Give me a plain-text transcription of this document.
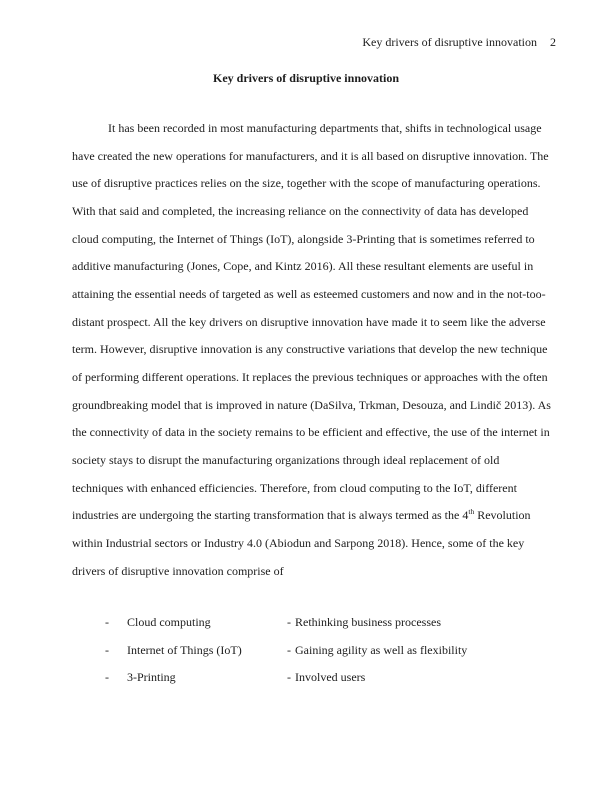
Key drivers of disruptive innovation 2
Key drivers of disruptive innovation

It has been recorded in most manufacturing departments that, shifts in technological usage have created the new operations for manufacturers, and it is all based on disruptive innovation. The use of disruptive practices relies on the size, together with the scope of manufacturing operations. With that said and completed, the increasing reliance on the connectivity of data has developed cloud computing, the Internet of Things (IoT), alongside 3-Printing that is sometimes referred to additive manufacturing (Jones, Cope, and Kintz 2016). All these resultant elements are useful in attaining the essential needs of targeted as well as esteemed customers and now and in the not-too-distant prospect. All the key drivers on disruptive innovation have made it to seem like the adverse term. However, disruptive innovation is any constructive variations that develop the new technique of performing different operations. It replaces the previous techniques or approaches with the often groundbreaking model that is improved in nature (DaSilva, Trkman, Desouza, and Lindič 2013). As the connectivity of data in the society remains to be efficient and effective, the use of the internet in society stays to disrupt the manufacturing organizations through ideal replacement of old techniques with enhanced efficiencies. Therefore, from cloud computing to the IoT, different industries are undergoing the starting transformation that is always termed as the 4th Revolution within Industrial sectors or Industry 4.0 (Abiodun and Sarpong 2018). Hence, some of the key drivers of disruptive innovation comprise of

- Cloud computing	- Rethinking business processes
- Internet of Things (IoT)	- Gaining agility as well as flexibility
- 3-Printing	- Involved users
